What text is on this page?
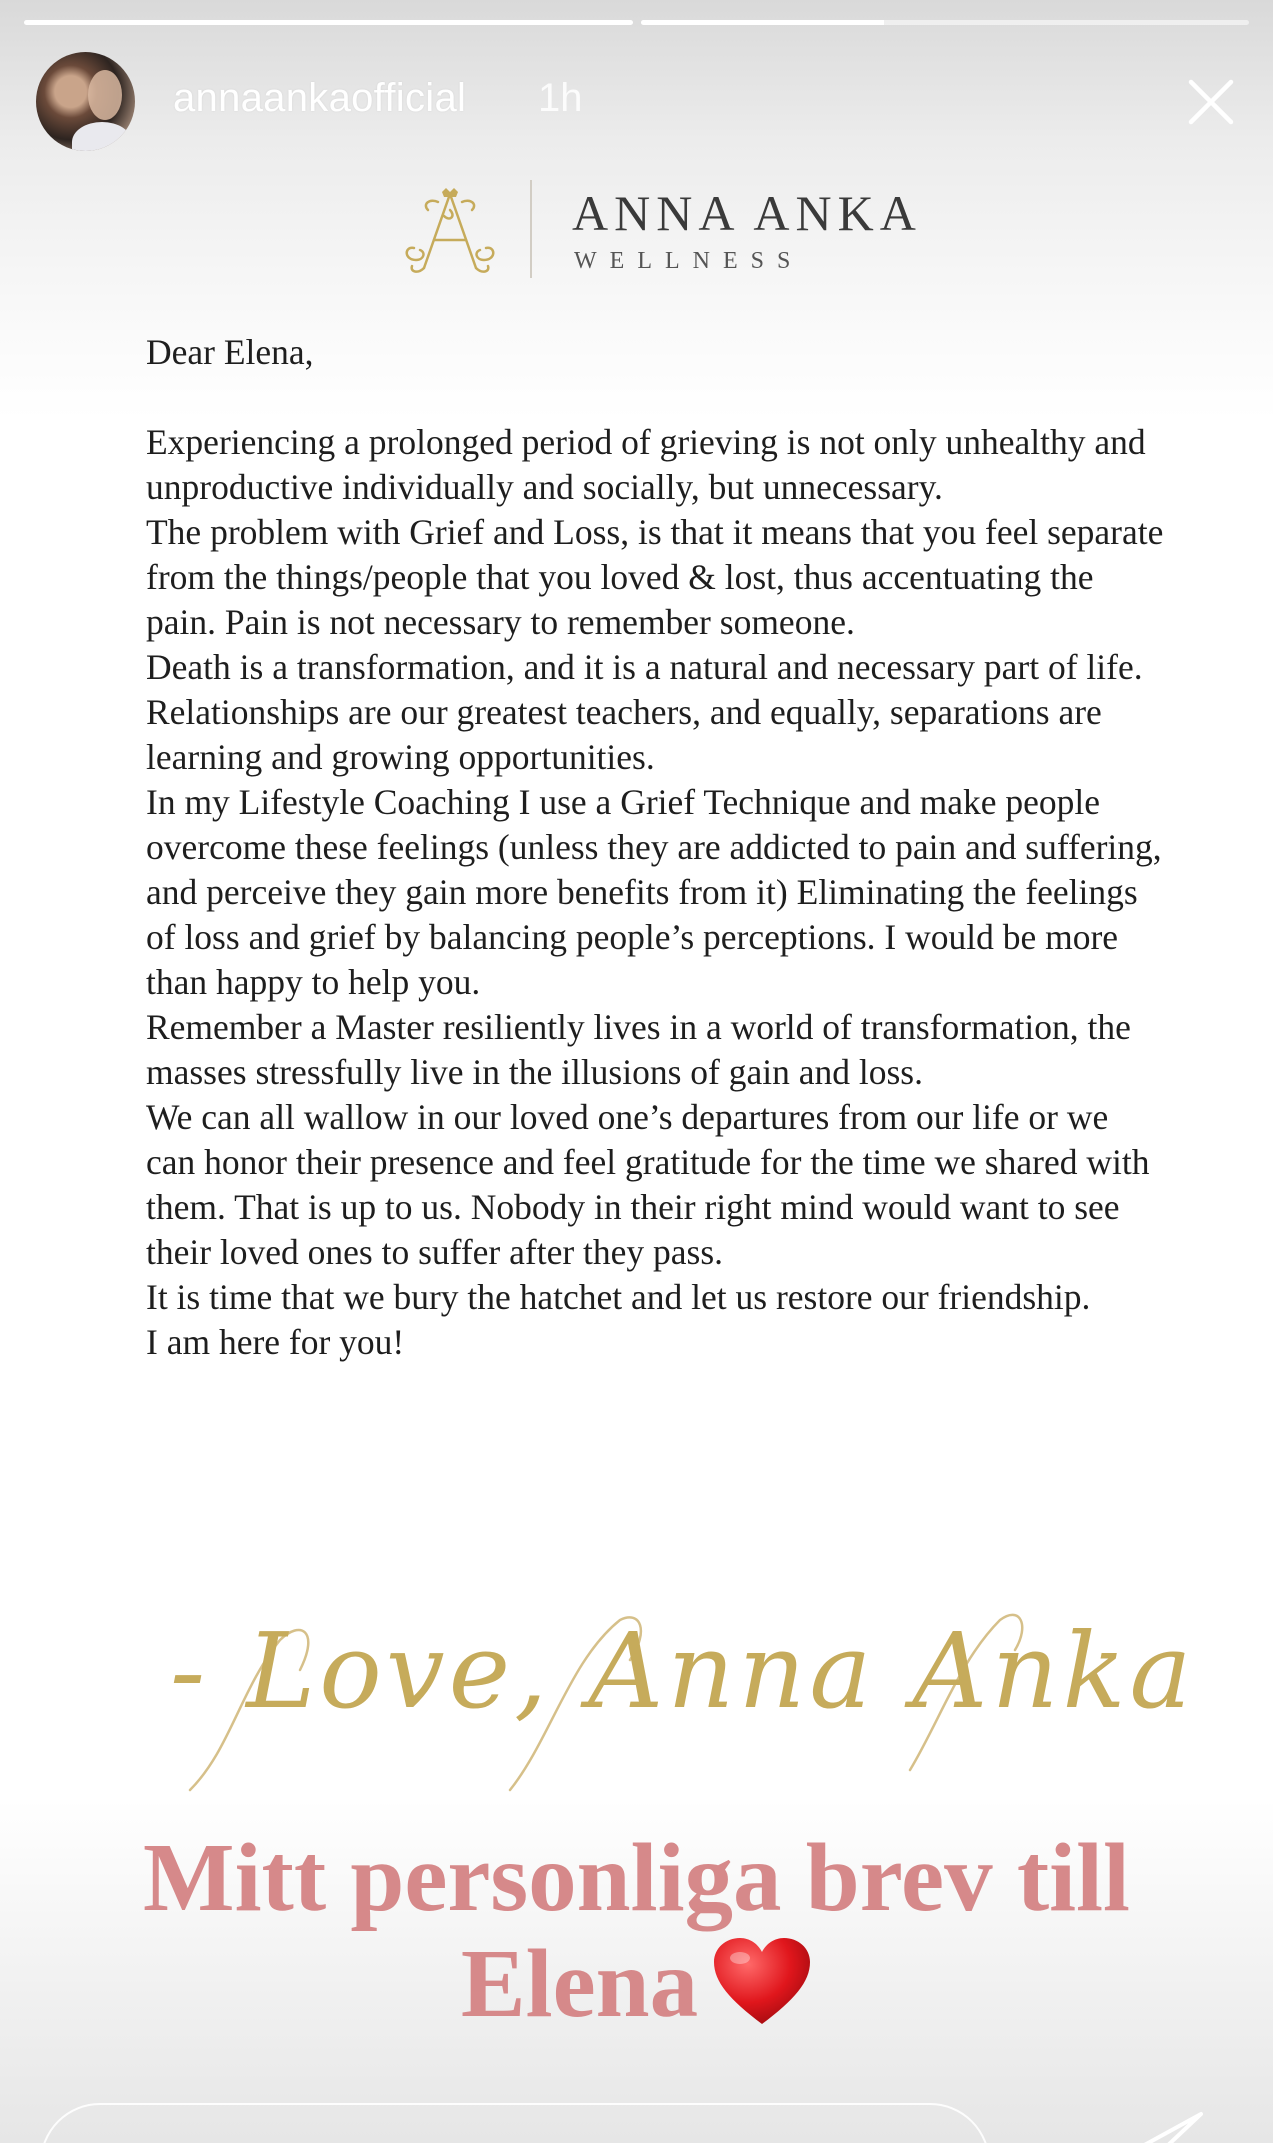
annaankaofficial 1h
ANNA ANKA
WELLNESS

Dear Elena,

Experiencing a prolonged period of grieving is not only unhealthy and unproductive individually and socially, but unnecessary.

The problem with Grief and Loss, is that it means that you feel separate from the things/people that you loved & lost, thus accentuating the pain. Pain is not necessary to remember someone.

Death is a transformation, and it is a natural and necessary part of life. Relationships are our greatest teachers, and equally, separations are learning and growing opportunities.

In my Lifestyle Coaching I use a Grief Technique and make people overcome these feelings (unless they are addicted to pain and suffering, and perceive they gain more benefits from it) Eliminating the feelings of loss and grief by balancing people’s perceptions. I would be more than happy to help you.

Remember a Master resiliently lives in a world of transformation, the masses stressfully live in the illusions of gain and loss.

We can all wallow in our loved one’s departures from our life or we can honor their presence and feel gratitude for the time we shared with them. That is up to us. Nobody in their right mind would want to see their loved ones to suffer after they pass.

It is time that we bury the hatchet and let us restore our friendship.

I am here for you!

- Love, Anna Anka
Mitt personliga brev till Elena
